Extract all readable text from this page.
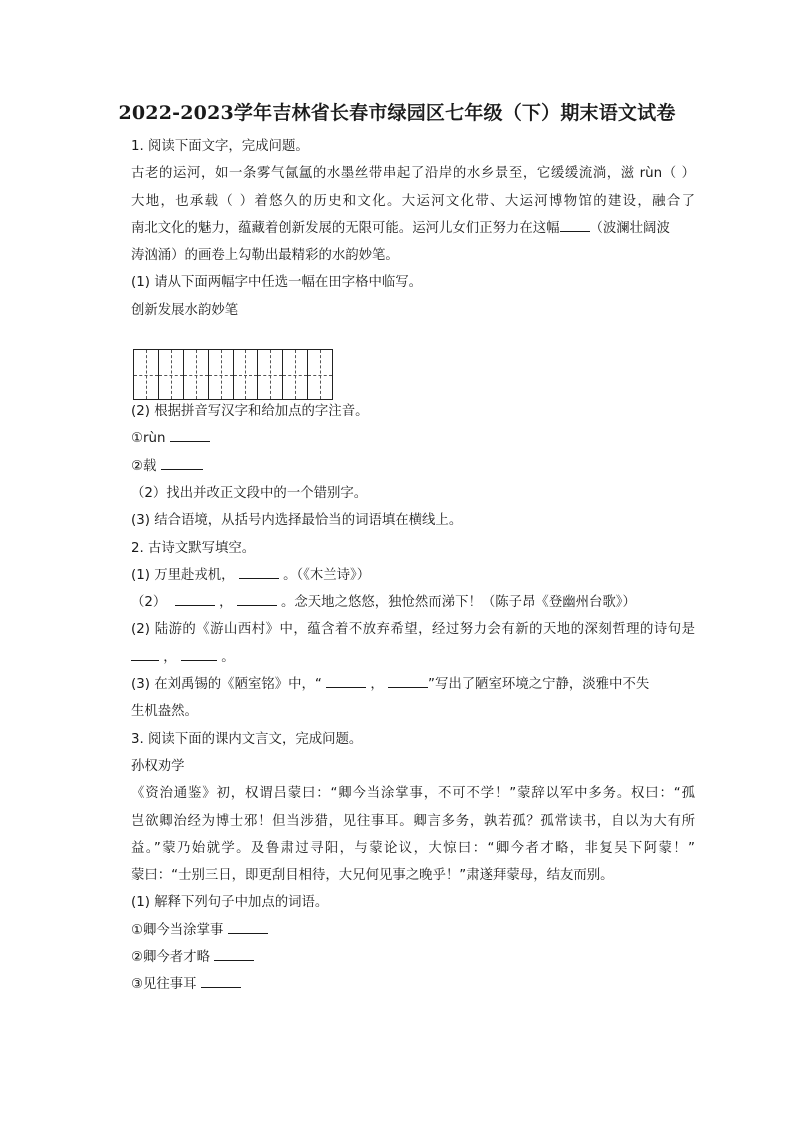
2022-2023学年吉林省长春市绿园区七年级（下）期末语文试卷
1. 阅读下面文字，完成问题。
古老的运河，如一条雾气氤氲的水墨丝带串起了沿岸的水乡景至，它缓缓流淌，滋 rùn（ ）
大地，也承载（ ）着悠久的历史和文化。大运河文化带、大运河博物馆的建设，融合了
南北文化的魅力，蕴藏着创新发展的无限可能。运河儿女们正努力在这幅 （波澜壮阔波
涛汹涌）的画卷上勾勒出最精彩的水韵妙笔。
(1) 请从下面两幅字中任选一幅在田字格中临写。
创新发展水韵妙笔
(2) 根据拼音写汉字和给加点的字注音。
①rùn
②载
（2）找出并改正文段中的一个错别字。
(3) 结合语境，从括号内选择最恰当的词语填在横线上。
2. 古诗文默写填空。
(1) 万里赴戎机，	。（《木兰诗》）
（2）	，	。念天地之悠悠，独怆然而涕下！（陈子昂《登幽州台歌》）
(2) 陆游的《游山西村》中，蕴含着不放弃希望，经过努力会有新的天地的深刻哲理的诗句是
，	。
(3) 在刘禹锡的《陋室铭》中，“	，	”写出了陋室环境之宁静，淡雅中不失
生机盎然。
3. 阅读下面的课内文言文，完成问题。
孙权劝学
《资治通鉴》初，权谓吕蒙曰：“卿今当涂掌事，不可不学！”蒙辞以军中多务。权曰：“孤
岂欲卿治经为博士邪！但当涉猎，见往事耳。卿言多务，孰若孤？孤常读书，自以为大有所
益。”蒙乃始就学。及鲁肃过寻阳，与蒙论议，大惊曰：“卿今者才略，非复吴下阿蒙！”
蒙曰：“士别三日，即更刮目相待，大兄何见事之晚乎！”肃遂拜蒙母，结友而别。
(1) 解释下列句子中加点的词语。
①卿今当涂掌事
②卿今者才略
③见往事耳
